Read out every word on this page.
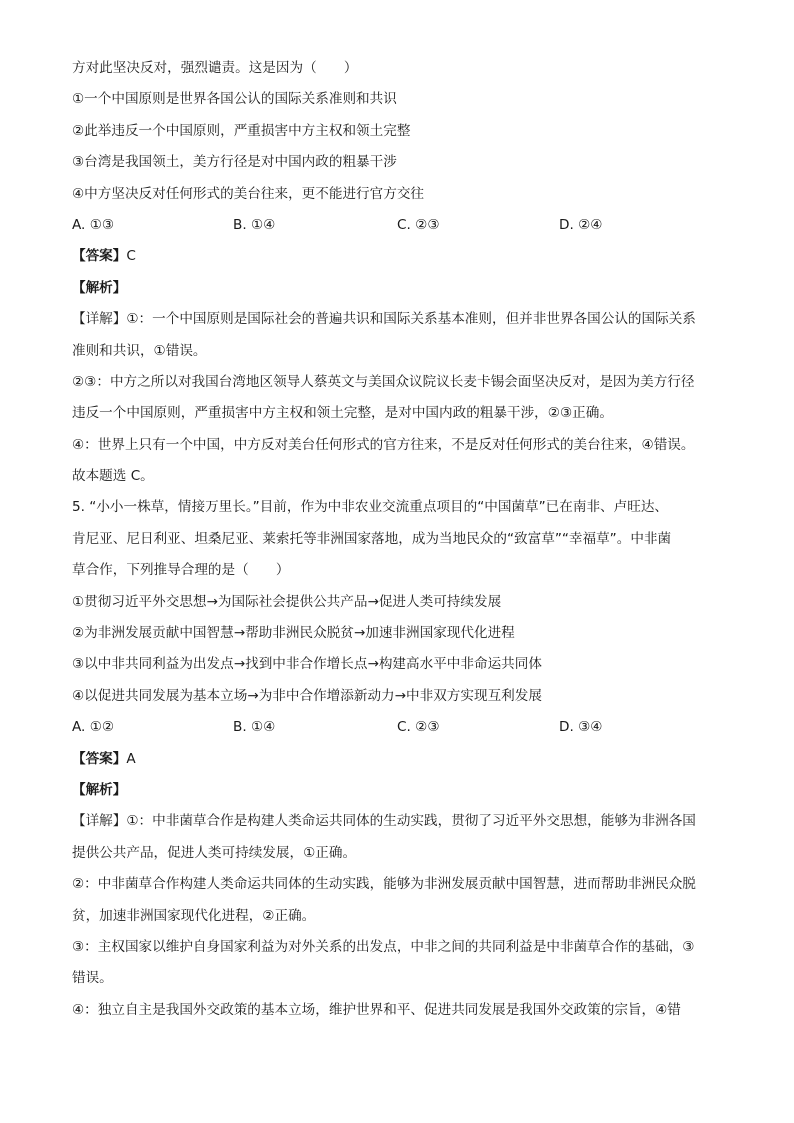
方对此坚决反对，强烈谴责。这是因为（　　）
①一个中国原则是世界各国公认的国际关系准则和共识
②此举违反一个中国原则，严重损害中方主权和领土完整
③台湾是我国领土，美方行径是对中国内政的粗暴干涉
④中方坚决反对任何形式的美台往来，更不能进行官方交往
A. ①③	B. ①④	C. ②③	D. ②④
【答案】C
【解析】
【详解】①：一个中国原则是国际社会的普遍共识和国际关系基本准则，但并非世界各国公认的国际关系
准则和共识，①错误。
②③：中方之所以对我国台湾地区领导人蔡英文与美国众议院议长麦卡锡会面坚决反对，是因为美方行径
违反一个中国原则，严重损害中方主权和领土完整，是对中国内政的粗暴干涉，②③正确。
④：世界上只有一个中国，中方反对美台任何形式的官方往来，不是反对任何形式的美台往来，④错误。
故本题选 C。
5. “小小一株草，情接万里长。”目前，作为中非农业交流重点项目的“中国菌草”已在南非、卢旺达、
肯尼亚、尼日利亚、坦桑尼亚、莱索托等非洲国家落地，成为当地民众的“致富草”“幸福草”。中非菌
草合作，下列推导合理的是（　　）
①贯彻习近平外交思想→为国际社会提供公共产品→促进人类可持续发展
②为非洲发展贡献中国智慧→帮助非洲民众脱贫→加速非洲国家现代化进程
③以中非共同利益为出发点→找到中非合作增长点→构建高水平中非命运共同体
④以促进共同发展为基本立场→为非中合作增添新动力→中非双方实现互利发展
A. ①②	B. ①④	C. ②③	D. ③④
【答案】A
【解析】
【详解】①：中非菌草合作是构建人类命运共同体的生动实践，贯彻了习近平外交思想，能够为非洲各国
提供公共产品，促进人类可持续发展，①正确。
②：中非菌草合作构建人类命运共同体的生动实践，能够为非洲发展贡献中国智慧，进而帮助非洲民众脱
贫，加速非洲国家现代化进程，②正确。
③：主权国家以维护自身国家利益为对外关系的出发点，中非之间的共同利益是中非菌草合作的基础，③
错误。
④：独立自主是我国外交政策的基本立场，维护世界和平、促进共同发展是我国外交政策的宗旨，④错
